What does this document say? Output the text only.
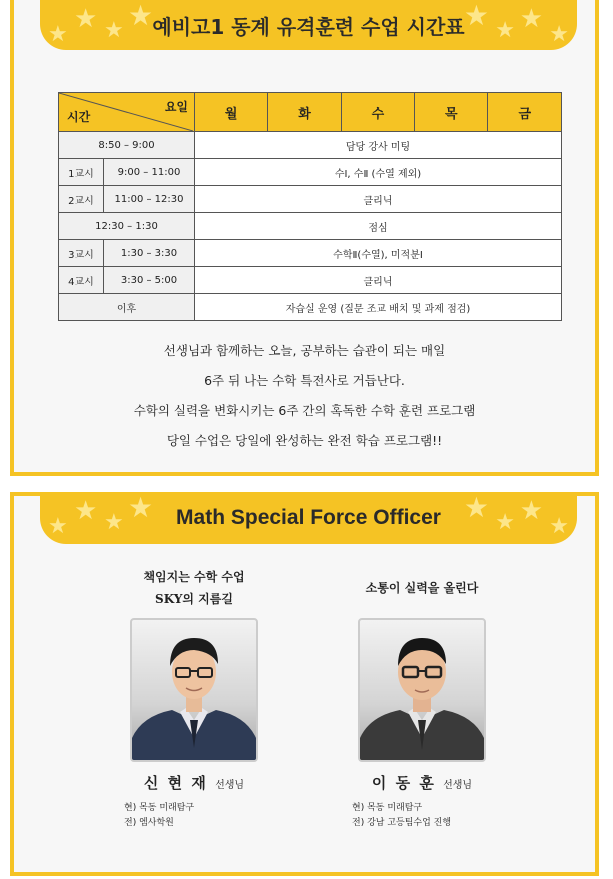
★
★ ★ ★	★ ★ ★
★
예비고1 동계 유격훈련 수업 시간표
요일
시간		월	화	수	목	금
8:50 – 9:00		담당 강사 미팅				
1교시	9:00 – 11:00	수Ⅰ, 수Ⅱ (수열 제외)				
2교시	11:00 – 12:30	클리닉				
12:30 – 1:30		점심				
3교시	1:30 – 3:30	수학Ⅱ(수열), 미적분Ⅰ				
4교시	3:30 – 5:00	클리닉				
이후		자습실 운영 (질문 조교 배치 및 과제 점검)				

선생님과 함께하는 오늘, 공부하는 습관이 되는 매일

6주 뒤 나는 수학 특전사로 거듭난다.

수학의 실력을 변화시키는 6주 간의 혹독한 수학 훈련 프로그램

당일 수업은 당일에 완성하는 완전 학습 프로그램!!

★
★ ★ ★	★ ★ ★
★
Math Special Force Officer
책임지는 수학 수업
SKY의 지름길
신 현 재 선생님
현) 목동 미래탐구
전) 엠사학원
소통이 실력을 올린다
이 동 훈 선생님
현) 목동 미래탐구
전) 강남 고등팀수업 진행
